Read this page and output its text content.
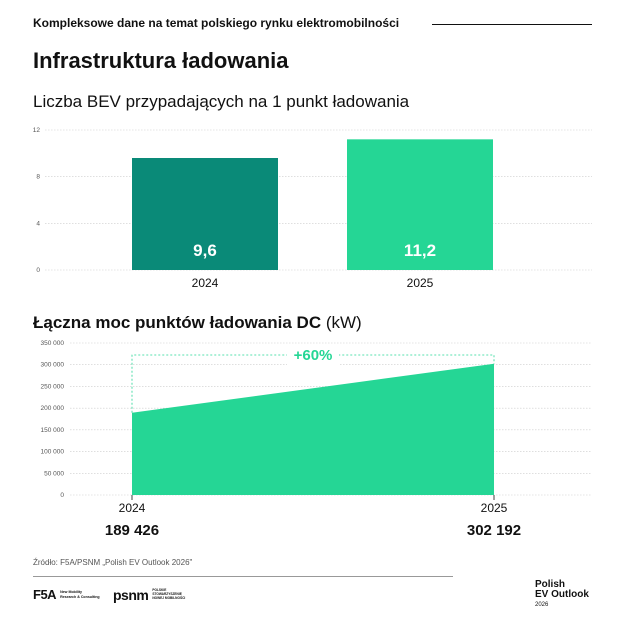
Kompleksowe dane na temat polskiego rynku elektromobilności
Infrastruktura ładowania
Liczba BEV przypadających na 1 punkt ładowania
Łączna moc punktów ładowania DC (kW)
0
4
8
12
9,6
2024
11,2
2025
0
50 000
100 000
150 000
200 000
250 000
300 000
350 000
+60%
2024
189 426
2025
302 192
Źródło: F5A/PSNM „Polish EV Outlook 2026"
F5A New Mobility
Research & Consulting psnm POLSKIE
STOWARZYSZENIE
NOWEJ MOBILNOŚCI
Polish
EV Outlook
2026
